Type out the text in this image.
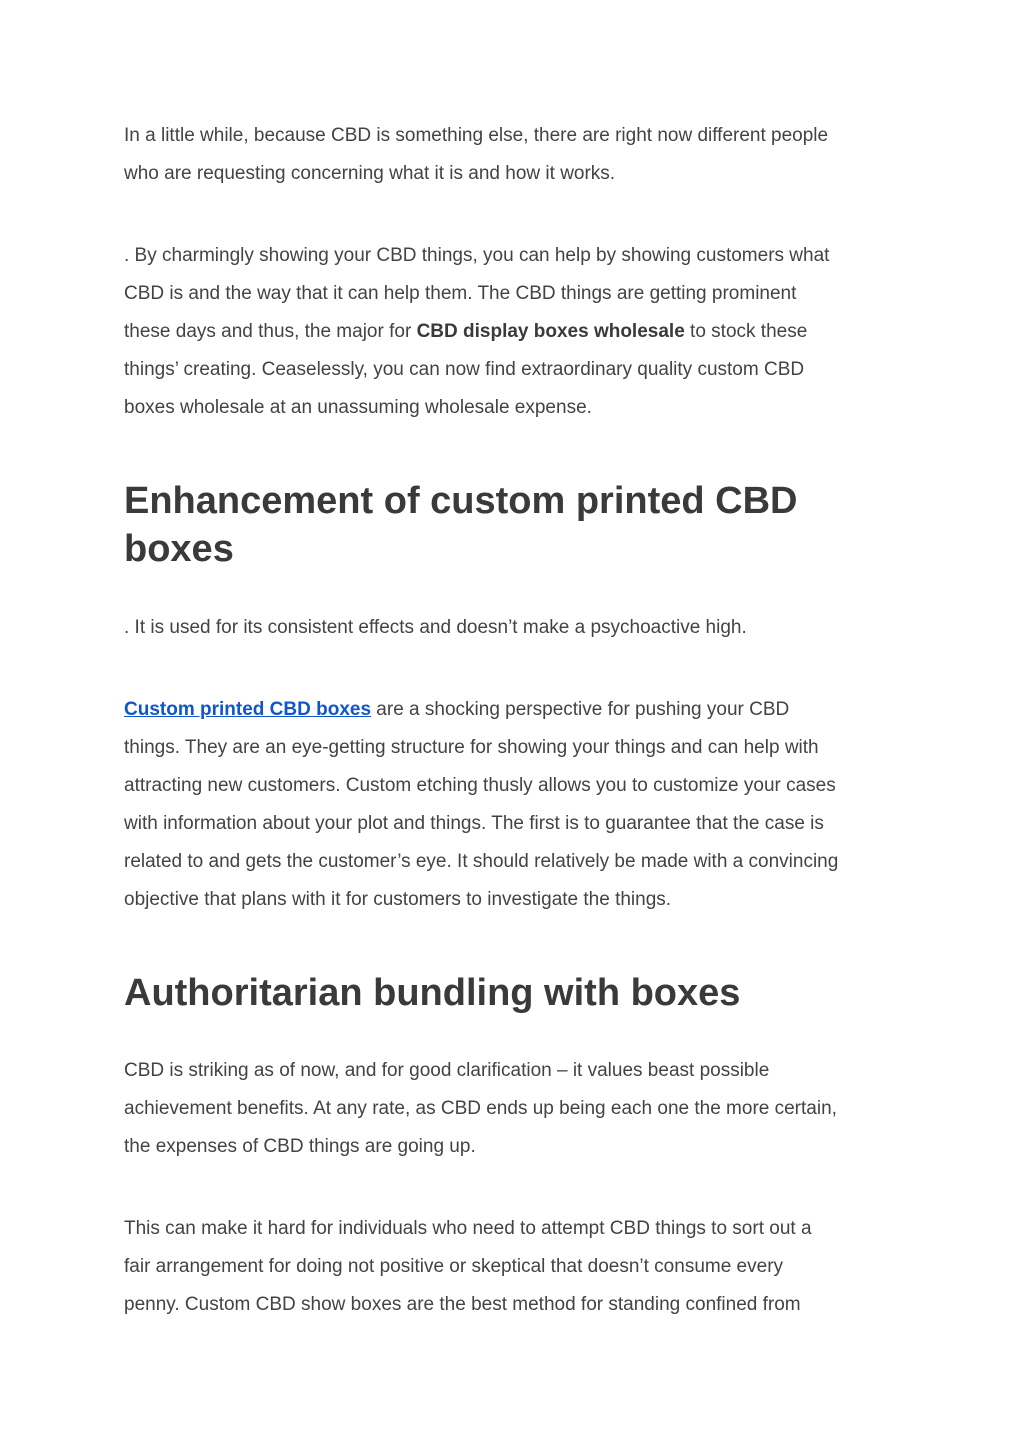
In a little while, because CBD is something else, there are right now different people
who are requesting concerning what it is and how it works.

. By charmingly showing your CBD things, you can help by showing customers what
CBD is and the way that it can help them. The CBD things are getting prominent
these days and thus, the major for CBD display boxes wholesale to stock these
things’ creating. Ceaselessly, you can now find extraordinary quality custom CBD
boxes wholesale at an unassuming wholesale expense.

Enhancement of custom printed CBD
boxes

. It is used for its consistent effects and doesn’t make a psychoactive high.

Custom printed CBD boxes are a shocking perspective for pushing your CBD
things. They are an eye-getting structure for showing your things and can help with
attracting new customers. Custom etching thusly allows you to customize your cases
with information about your plot and things. The first is to guarantee that the case is
related to and gets the customer’s eye. It should relatively be made with a convincing
objective that plans with it for customers to investigate the things.

Authoritarian bundling with boxes

CBD is striking as of now, and for good clarification – it values beast possible
achievement benefits. At any rate, as CBD ends up being each one the more certain,
the expenses of CBD things are going up.

This can make it hard for individuals who need to attempt CBD things to sort out a
fair arrangement for doing not positive or skeptical that doesn’t consume every
penny. Custom CBD show boxes are the best method for standing confined from
